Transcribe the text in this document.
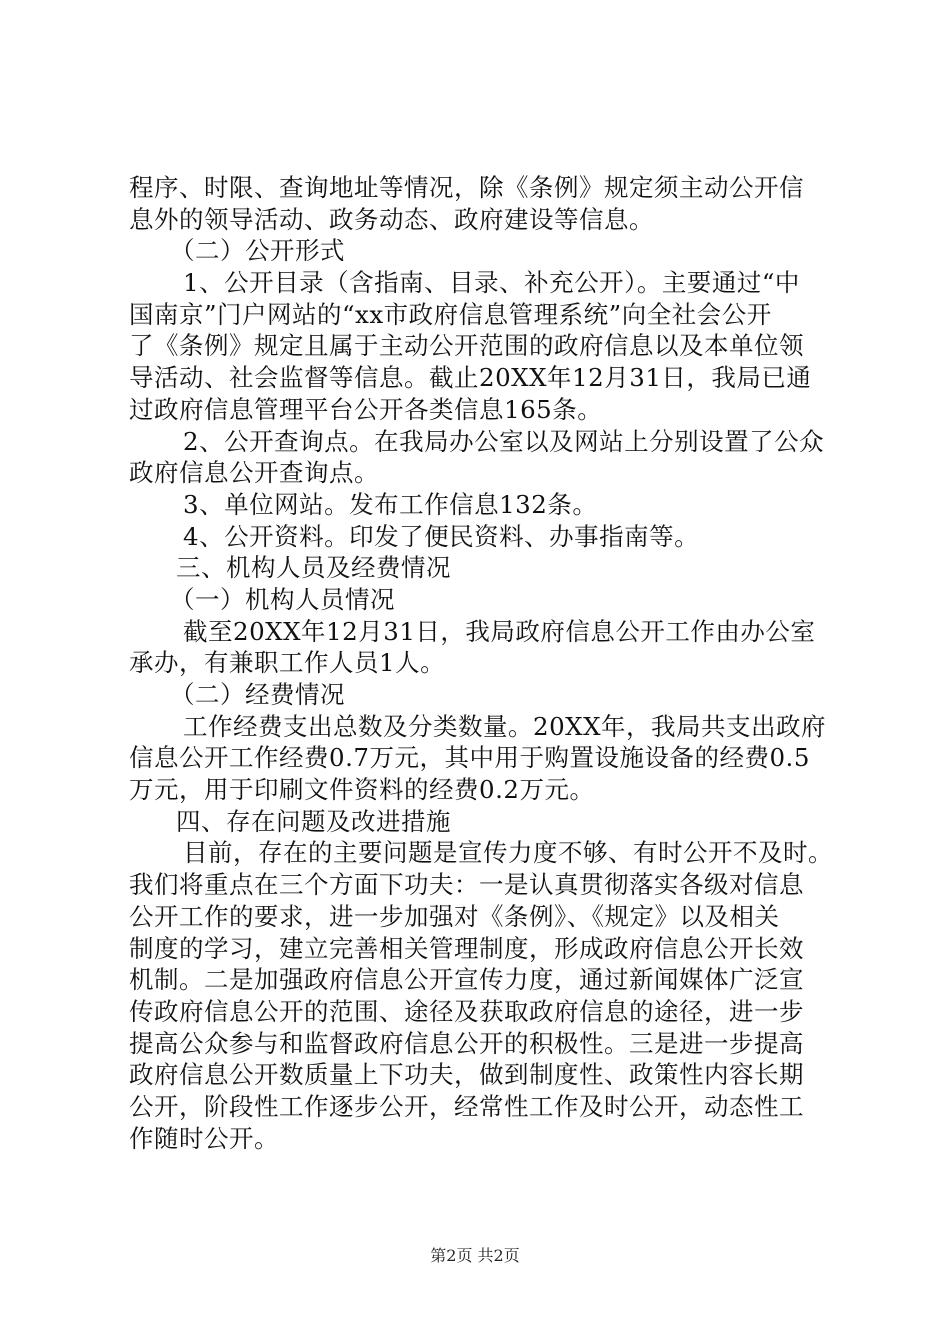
程序、时限、查询地址等情况，除《条例》规定须主动公开信
息外的领导活动、政务动态、政府建设等信息。
（二）公开形式
1、公开目录（含指南、目录、补充公开）。主要通过“中
国南京”门户网站的“xx市政府信息管理系统”向全社会公开
了《条例》规定且属于主动公开范围的政府信息以及本单位领
导活动、社会监督等信息。截止20XX年12月31日，我局已通
过政府信息管理平台公开各类信息165条。
2、公开查询点。在我局办公室以及网站上分别设置了公众
政府信息公开查询点。
3、单位网站。发布工作信息132条。
4、公开资料。印发了便民资料、办事指南等。
三、机构人员及经费情况
（一）机构人员情况
截至20XX年12月31日，我局政府信息公开工作由办公室
承办，有兼职工作人员1人。
（二）经费情况
工作经费支出总数及分类数量。20XX年，我局共支出政府
信息公开工作经费0.7万元，其中用于购置设施设备的经费0.5
万元，用于印刷文件资料的经费0.2万元。
四、存在问题及改进措施
目前，存在的主要问题是宣传力度不够、有时公开不及时。
我们将重点在三个方面下功夫：一是认真贯彻落实各级对信息
公开工作的要求，进一步加强对《条例》、《规定》以及相关
制度的学习，建立完善相关管理制度，形成政府信息公开长效
机制。二是加强政府信息公开宣传力度，通过新闻媒体广泛宣
传政府信息公开的范围、途径及获取政府信息的途径，进一步
提高公众参与和监督政府信息公开的积极性。三是进一步提高
政府信息公开数质量上下功夫，做到制度性、政策性内容长期
公开，阶段性工作逐步公开，经常性工作及时公开，动态性工
作随时公开。
第2页 共2页
